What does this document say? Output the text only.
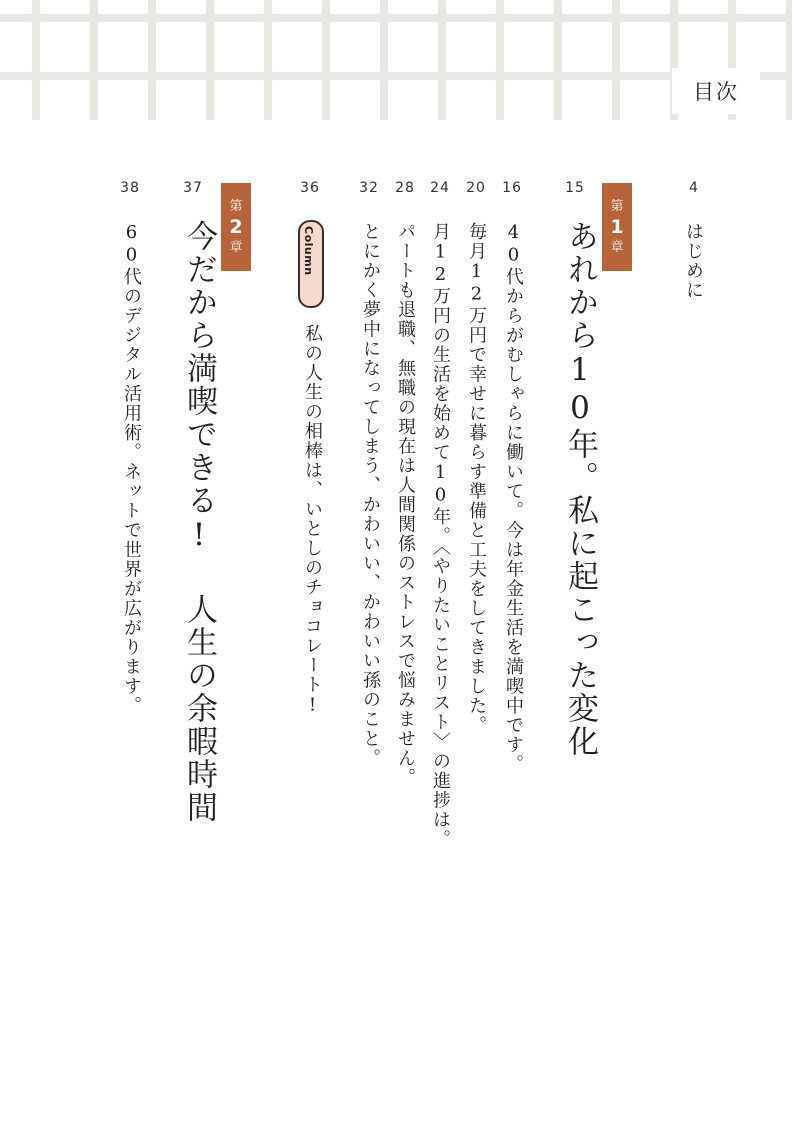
目次
4
はじめに
15
第
1
章
あれから10年。私に起こった変化
16
40代からがむしゃらに働いて。今は年金生活を満喫中です。
20
毎月12万円で幸せに暮らす準備と工夫をしてきました。
24
月12万円の生活を始めて10年。〈やりたいことリスト〉の進捗は。
28
パートも退職、無職の現在は人間関係のストレスで悩みません。
32
とにかく夢中になってしまう、かわいい、かわいい孫のこと。
36
Column
私の人生の相棒は、いとしのチョコレート!
37
第
2
章
今だから満喫できる! 人生の余暇時間
38
60代のデジタル活用術。ネットで世界が広がります。
